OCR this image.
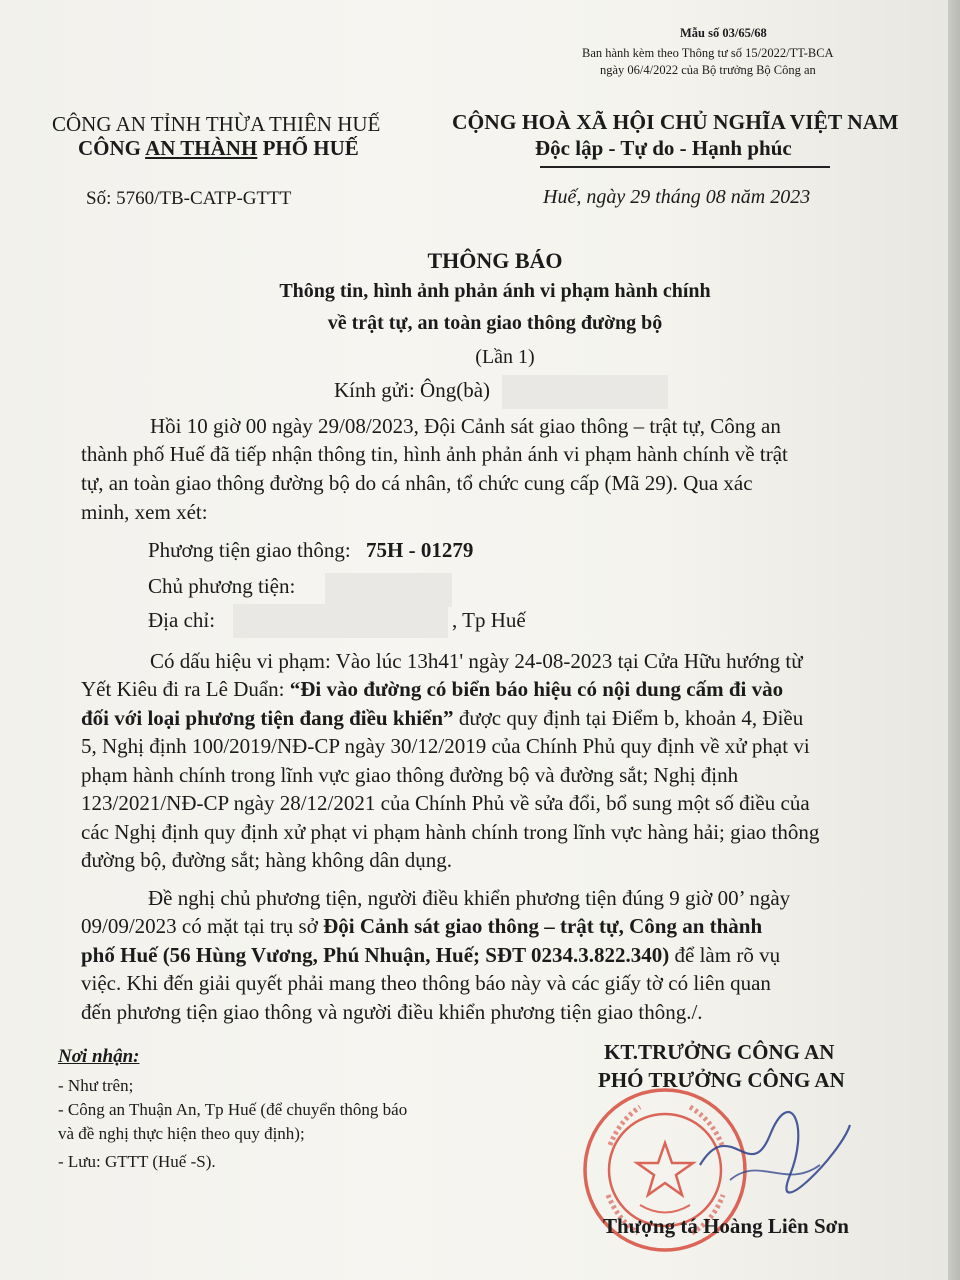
Mẫu số 03/65/68
Ban hành kèm theo Thông tư số 15/2022/TT-BCA
ngày 06/4/2022 của Bộ trưởng Bộ Công an
CÔNG AN TỈNH THỪA THIÊN HUẾ
CÔNG AN THÀNH PHỐ HUẾ
CỘNG HOÀ XÃ HỘI CHỦ NGHĨA VIỆT NAM
Độc lập - Tự do - Hạnh phúc
Số: 5760/TB-CATP-GTTT	Huế, ngày 29 tháng 08 năm 2023
THÔNG BÁO
Thông tin, hình ảnh phản ánh vi phạm hành chính
về trật tự, an toàn giao thông đường bộ
(Lần 1)
Kính gửi: Ông(bà)
Hồi 10 giờ 00 ngày 29/08/2023, Đội Cảnh sát giao thông – trật tự, Công an
thành phố Huế đã tiếp nhận thông tin, hình ảnh phản ánh vi phạm hành chính về trật
tự, an toàn giao thông đường bộ do cá nhân, tổ chức cung cấp (Mã 29). Qua xác
minh, xem xét:
Phương tiện giao thông: 75H - 01279
Chủ phương tiện:
Địa chỉ:	, Tp Huế
Có dấu hiệu vi phạm: Vào lúc 13h41' ngày 24-08-2023 tại Cửa Hữu hướng từ
Yết Kiêu đi ra Lê Duẩn: “Đi vào đường có biển báo hiệu có nội dung cấm đi vào
đối với loại phương tiện đang điều khiển” được quy định tại Điểm b, khoản 4, Điều
5, Nghị định 100/2019/NĐ-CP ngày 30/12/2019 của Chính Phủ quy định về xử phạt vi
phạm hành chính trong lĩnh vực giao thông đường bộ và đường sắt; Nghị định
123/2021/NĐ-CP ngày 28/12/2021 của Chính Phủ về sửa đổi, bổ sung một số điều của
các Nghị định quy định xử phạt vi phạm hành chính trong lĩnh vực hàng hải; giao thông
đường bộ, đường sắt; hàng không dân dụng.
Đề nghị chủ phương tiện, người điều khiển phương tiện đúng 9 giờ 00’ ngày
09/09/2023 có mặt tại trụ sở Đội Cảnh sát giao thông – trật tự, Công an thành
phố Huế (56 Hùng Vương, Phú Nhuận, Huế; SĐT 0234.3.822.340) để làm rõ vụ
việc. Khi đến giải quyết phải mang theo thông báo này và các giấy tờ có liên quan
đến phương tiện giao thông và người điều khiển phương tiện giao thông./.
Nơi nhận:
- Như trên;
- Công an Thuận An, Tp Huế (để chuyển thông báo
và đề nghị thực hiện theo quy định);
- Lưu: GTTT (Huế -S).
KT.TRƯỞNG CÔNG AN
PHÓ TRƯỞNG CÔNG AN
Thượng tá Hoàng Liên Sơn
